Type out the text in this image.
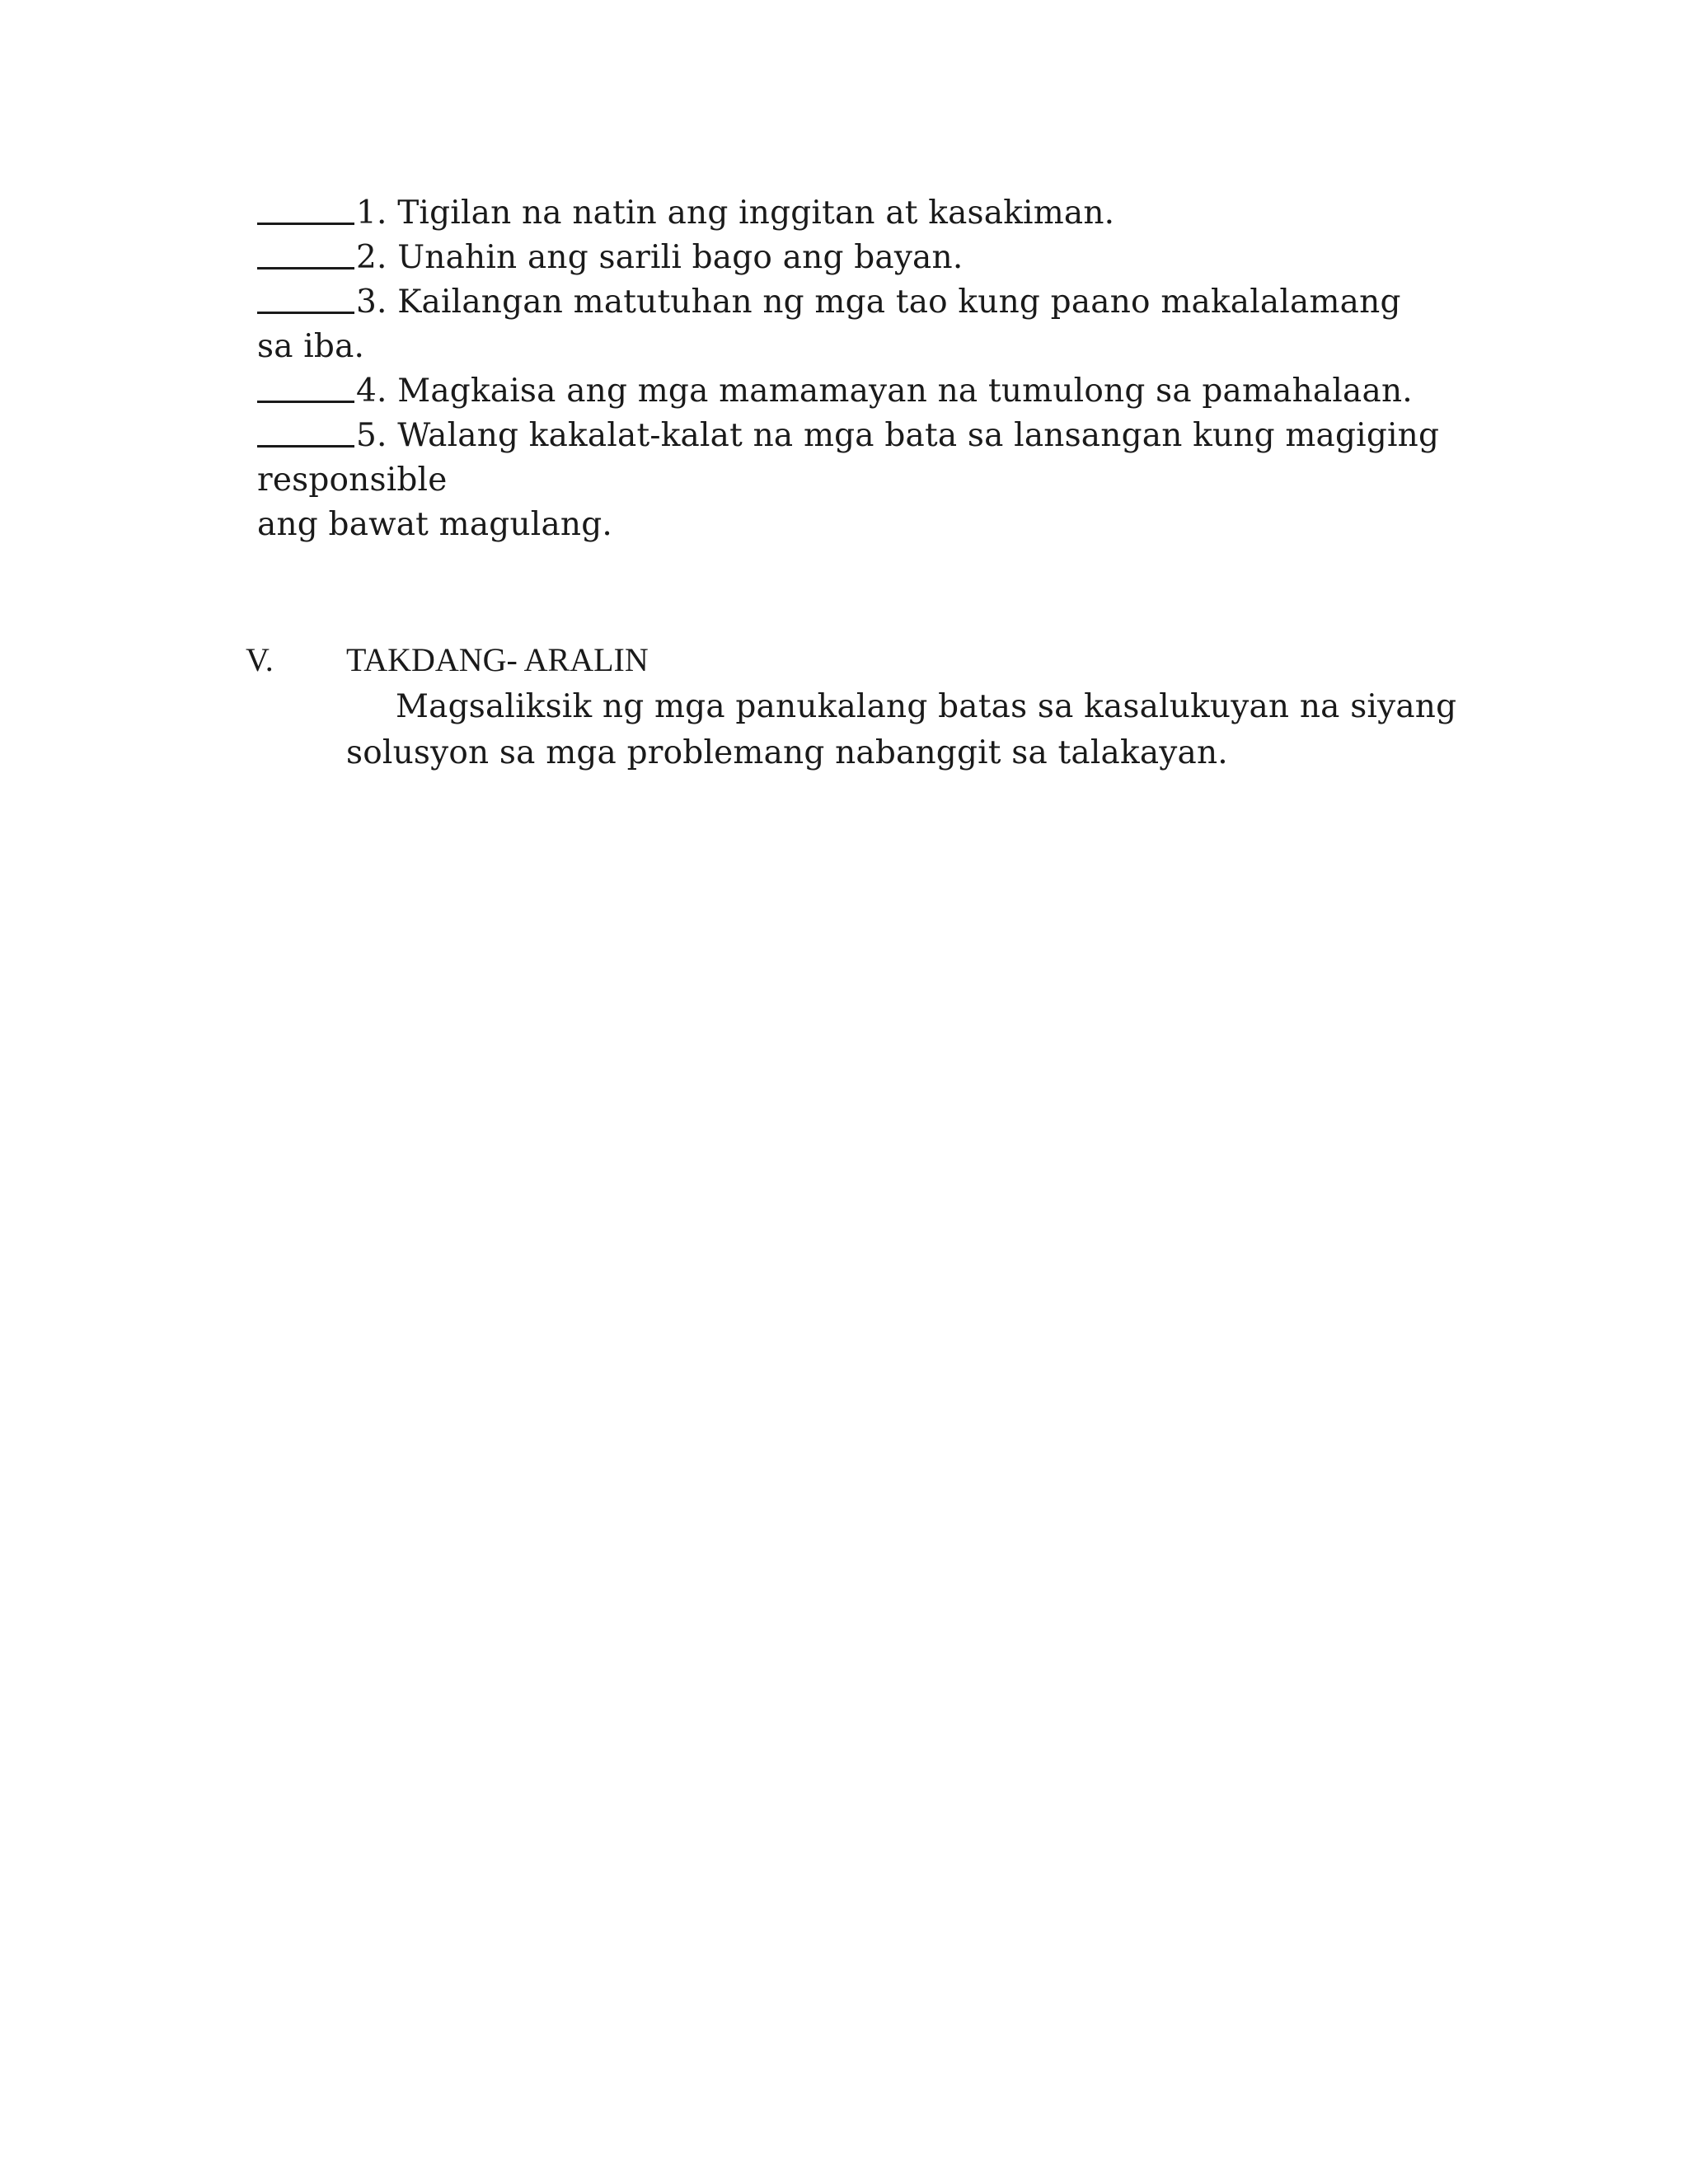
1. Tigilan na natin ang inggitan at kasakiman.
2. Unahin ang sarili bago ang bayan.
3. Kailangan matutuhan ng mga tao kung paano makalalamang sa iba.
4. Magkaisa ang mga mamamayan na tumulong sa pamahalaan.
5. Walang kakalat-kalat na mga bata sa lansangan kung magiging responsible
ang bawat magulang.
V. TAKDANG- ARALIN
Magsaliksik ng mga panukalang batas sa kasalukuyan na siyang solusyon sa mga problemang nabanggit sa talakayan.
